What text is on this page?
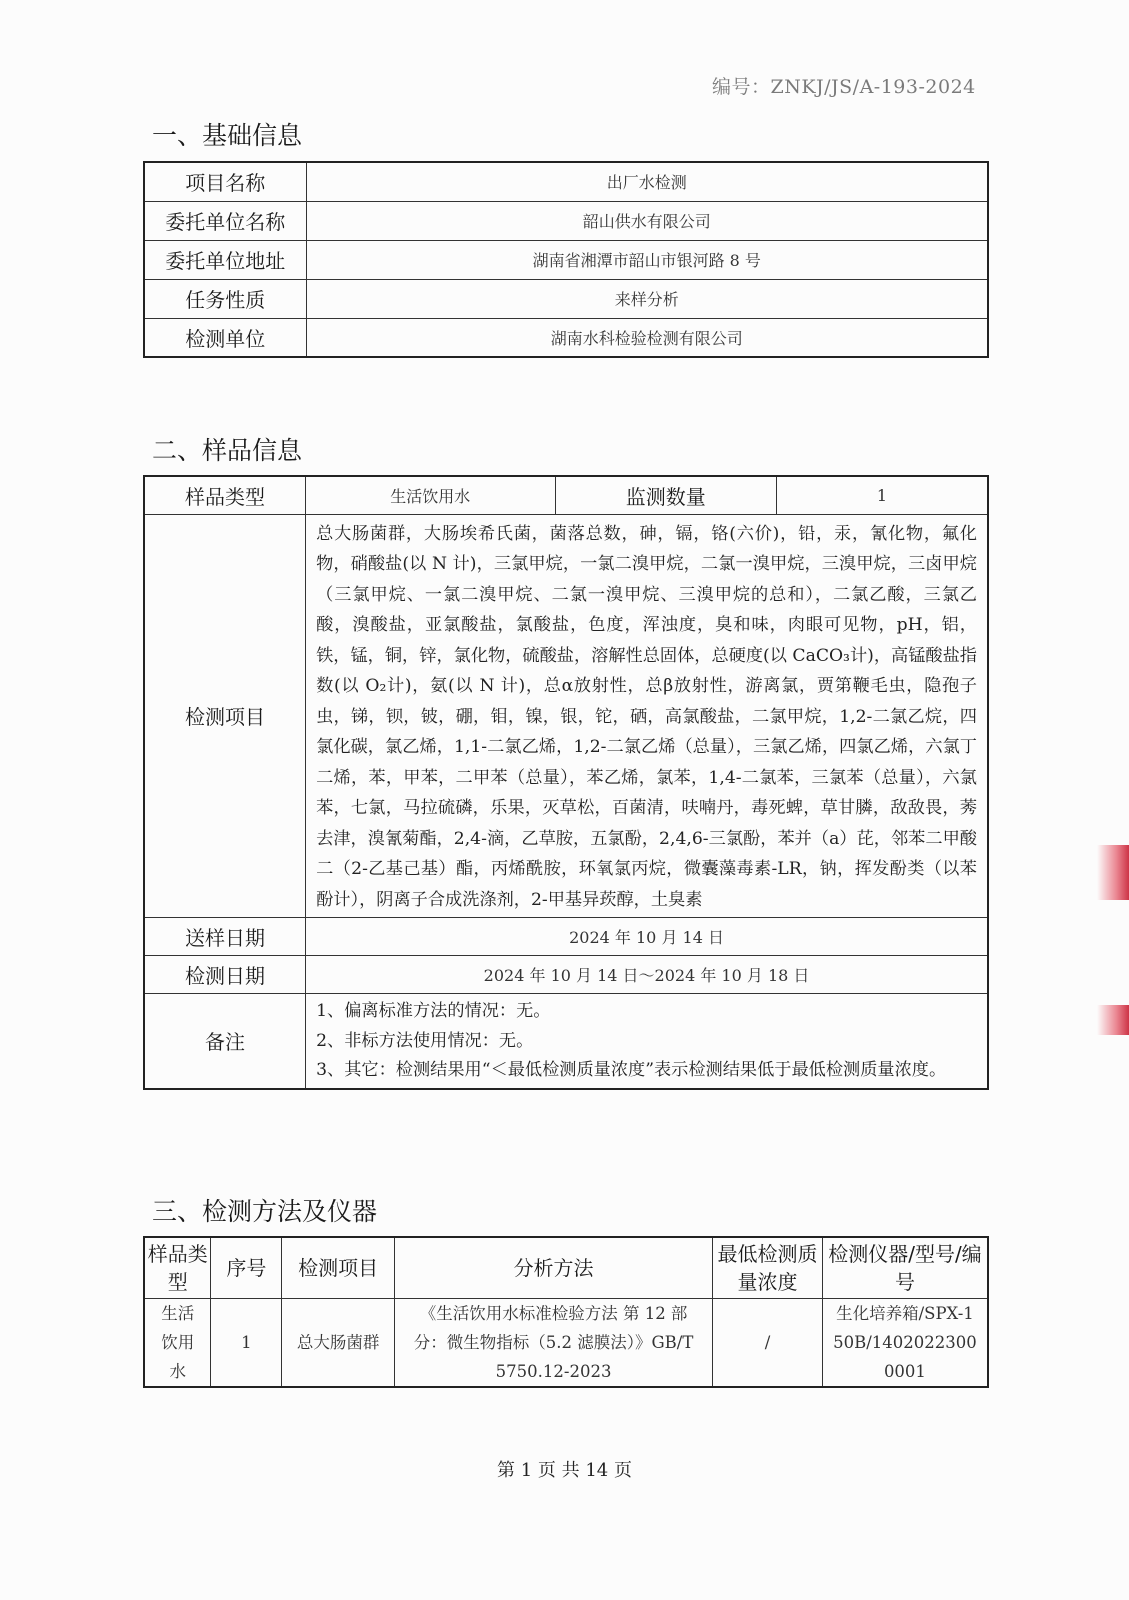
编号：ZNKJ/JS/A-193-2024
一、基础信息
项目名称	出厂水检测
委托单位名称	韶山供水有限公司
委托单位地址	湖南省湘潭市韶山市银河路 8 号
任务性质	来样分析
检测单位	湖南水科检验检测有限公司
二、样品信息
样品类型	生活饮用水	监测数量	1
检测项目	总大肠菌群，大肠埃希氏菌，菌落总数，砷，镉，铬(六价)，铅，汞，氰化物，氟化物，硝酸盐(以 N 计)，三氯甲烷，一氯二溴甲烷，二氯一溴甲烷，三溴甲烷，三卤甲烷（三氯甲烷、一氯二溴甲烷、二氯一溴甲烷、三溴甲烷的总和），二氯乙酸，三氯乙酸，溴酸盐，亚氯酸盐，氯酸盐，色度，浑浊度，臭和味，肉眼可见物，pH，铝，铁，锰，铜，锌，氯化物，硫酸盐，溶解性总固体，总硬度(以 CaCO₃计)，高锰酸盐指数(以 O₂计)，氨(以 N 计)，总α放射性，总β放射性，游离氯，贾第鞭毛虫，隐孢子虫，锑，钡，铍，硼，钼，镍，银，铊，硒，高氯酸盐，二氯甲烷，1,2-二氯乙烷，四氯化碳，氯乙烯，1,1-二氯乙烯，1,2-二氯乙烯（总量），三氯乙烯，四氯乙烯，六氯丁二烯，苯，甲苯，二甲苯（总量），苯乙烯，氯苯，1,4-二氯苯，三氯苯（总量），六氯苯，七氯，马拉硫磷，乐果，灭草松，百菌清，呋喃丹，毒死蜱，草甘膦，敌敌畏，莠去津，溴氰菊酯，2,4-滴，乙草胺，五氯酚，2,4,6-三氯酚，苯并（a）芘，邻苯二甲酸二（2-乙基己基）酯，丙烯酰胺，环氧氯丙烷，微囊藻毒素-LR，钠，挥发酚类（以苯酚计），阴离子合成洗涤剂，2-甲基异莰醇，土臭素		
送样日期	2024 年 10 月 14 日		
检测日期	2024 年 10 月 14 日～2024 年 10 月 18 日		
备注	1、偏离标准方法的情况：无。

2、非标方法使用情况：无。

3、其它：检测结果用“＜最低检测质量浓度”表示检测结果低于最低检测质量浓度。		

三、检测方法及仪器
样品类型	序号	检测项目	分析方法	最低检测质量浓度	检测仪器/型号/编号
生活饮用水	1	总大肠菌群	《生活饮用水标准检验方法 第 12 部分：微生物指标（5.2 滤膜法）》GB/T 5750.12-2023	/	生化培养箱/SPX-150B/14020223000001
第 1 页 共 14 页
